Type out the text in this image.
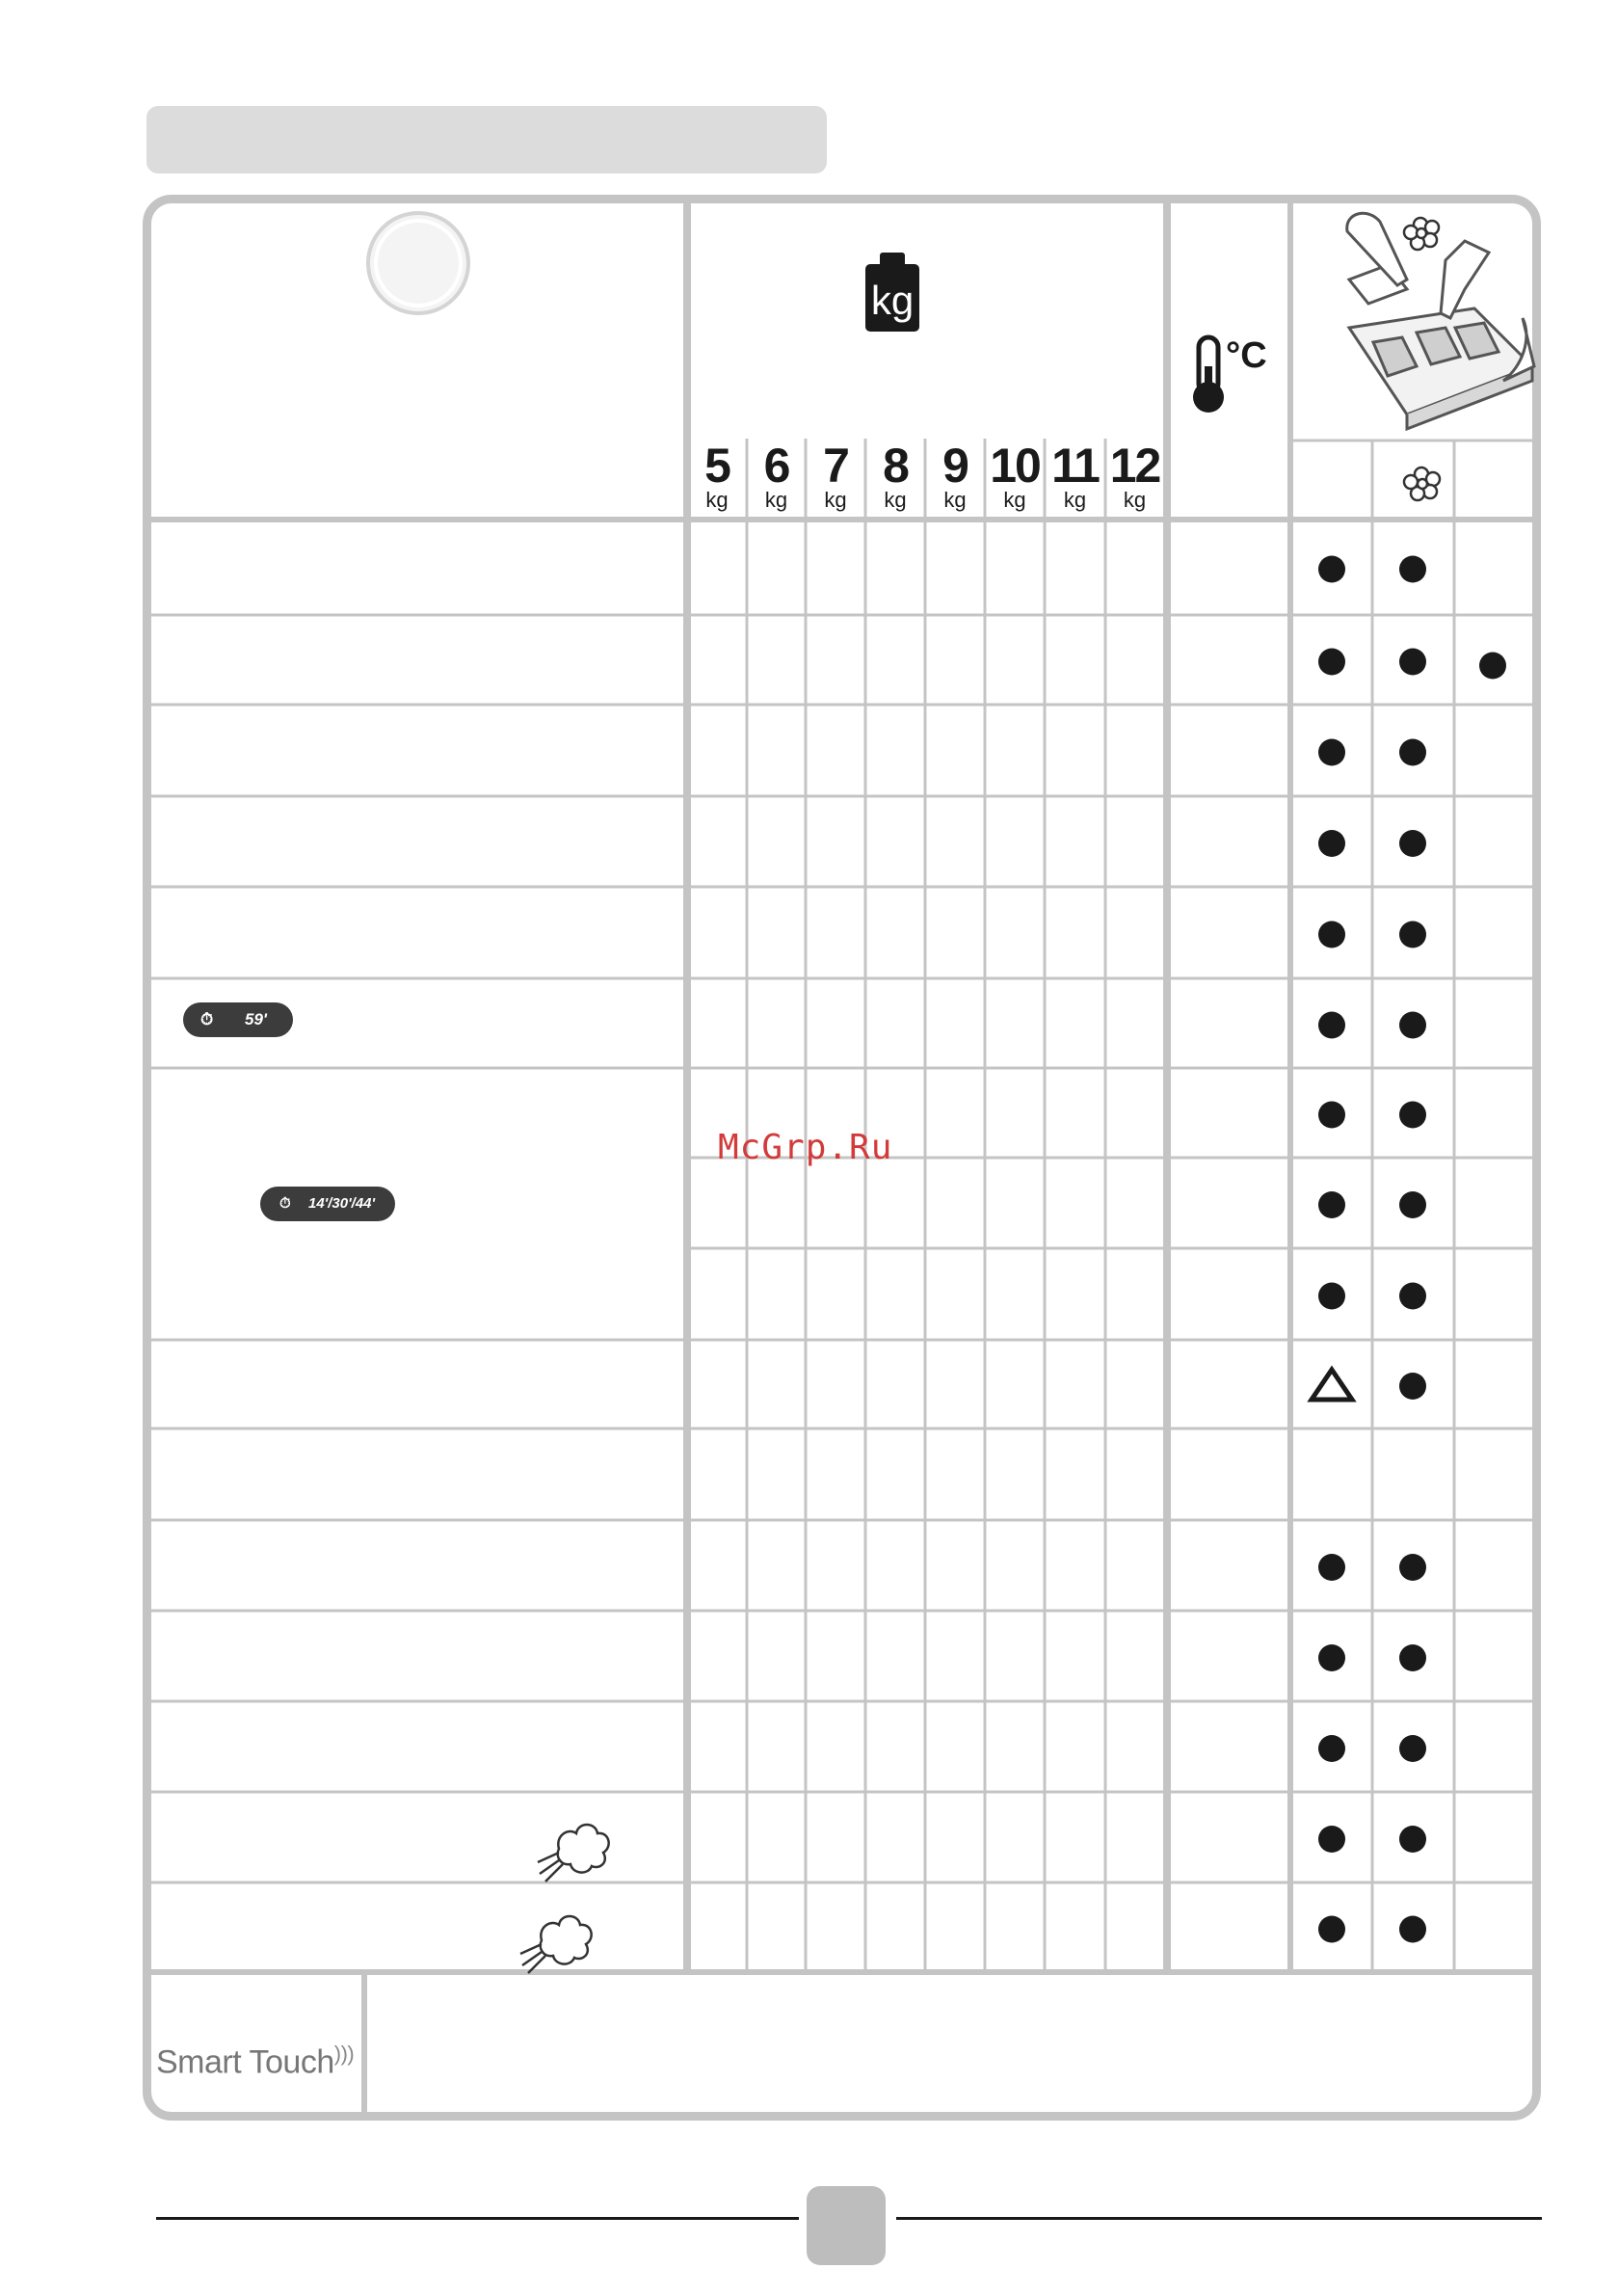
kg
°C
5
kg
6
kg
7
kg
8
kg
9
kg
10
kg
11
kg
12
kg
⏱ 59'
⏱ 14'/30'/44'
McGrp.Ru
Smart Touch)))
